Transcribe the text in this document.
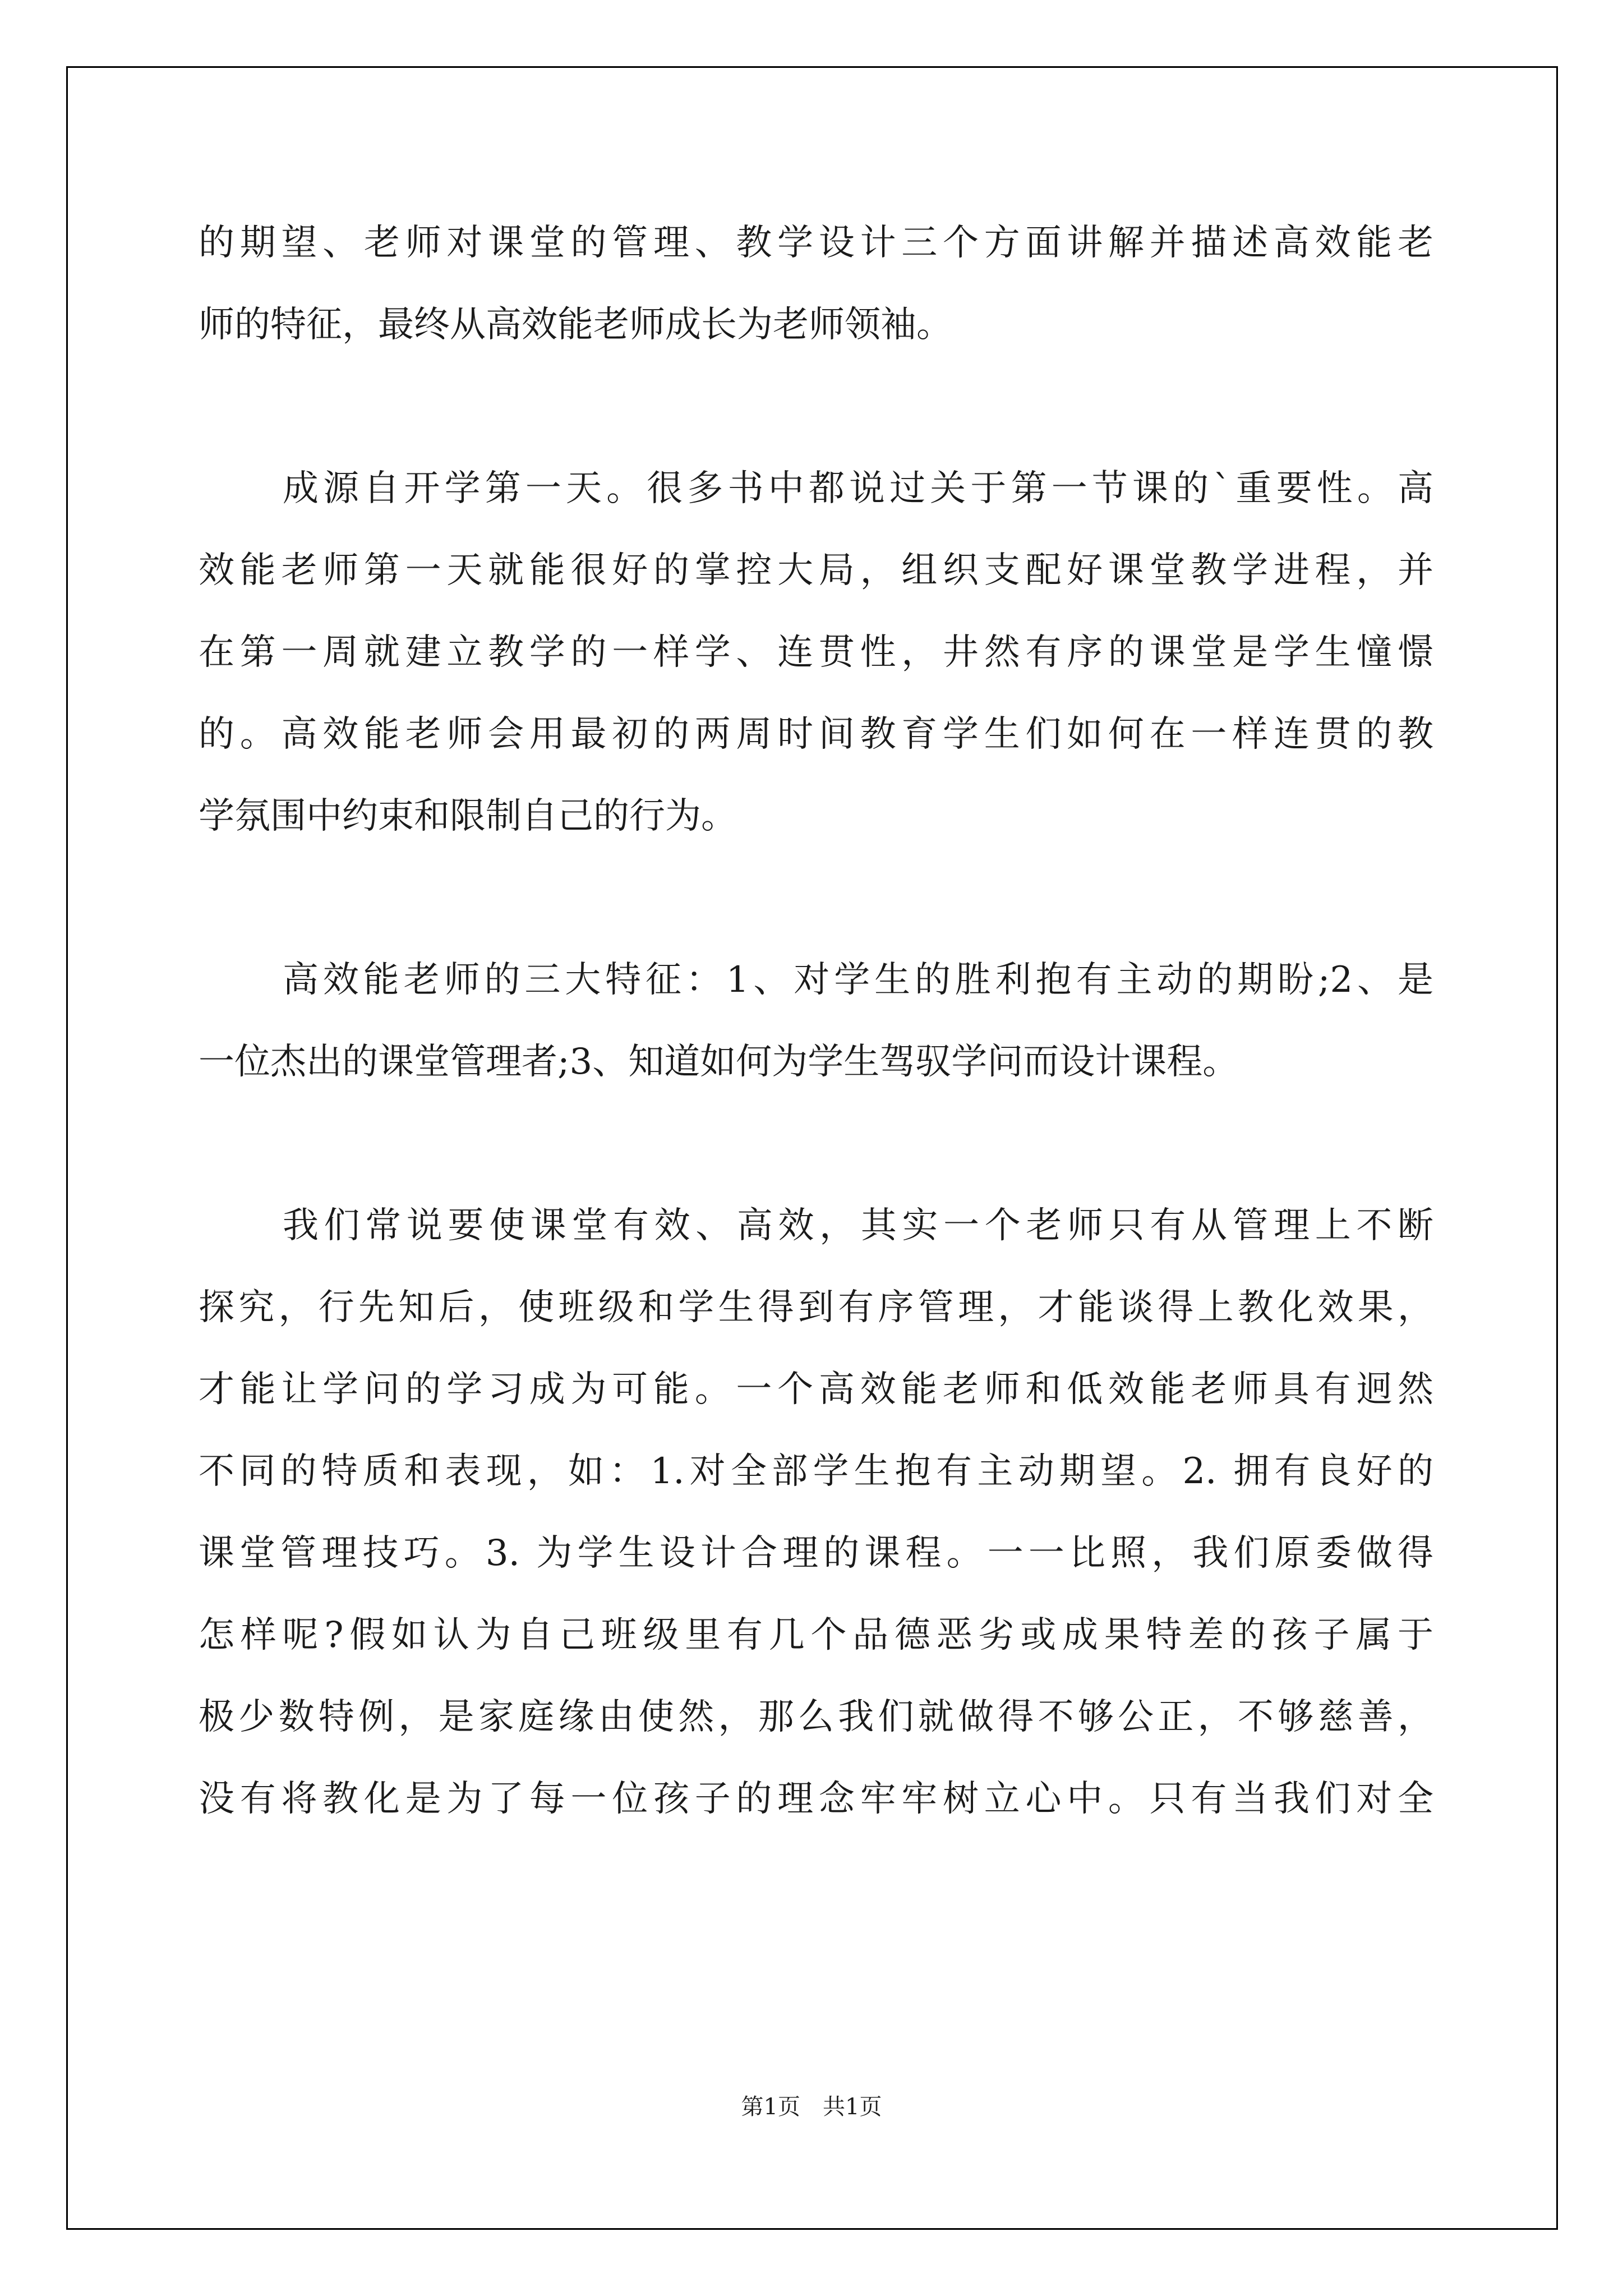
的期望、老师对课堂的管理、教学设计三个方面讲解并描述高效能老
师的特征，最终从高效能老师成长为老师领袖。
成源自开学第一天。很多书中都说过关于第一节课的`重要性。高
效能老师第一天就能很好的掌控大局，组织支配好课堂教学进程，并
在第一周就建立教学的一样学、连贯性，井然有序的课堂是学生憧憬
的。高效能老师会用最初的两周时间教育学生们如何在一样连贯的教
学氛围中约束和限制自己的行为。
高效能老师的三大特征：1、对学生的胜利抱有主动的期盼;2、是
一位杰出的课堂管理者;3、知道如何为学生驾驭学问而设计课程。
我们常说要使课堂有效、高效，其实一个老师只有从管理上不断
探究，行先知后，使班级和学生得到有序管理，才能谈得上教化效果，
才能让学问的学习成为可能。一个高效能老师和低效能老师具有迥然
不同的特质和表现，如：1.对全部学生抱有主动期望。2. 拥有良好的
课堂管理技巧。3. 为学生设计合理的课程。一一比照，我们原委做得
怎样呢?假如认为自己班级里有几个品德恶劣或成果特差的孩子属于
极少数特例，是家庭缘由使然，那么我们就做得不够公正，不够慈善，
没有将教化是为了每一位孩子的理念牢牢树立心中。只有当我们对全
第1页　共1页
